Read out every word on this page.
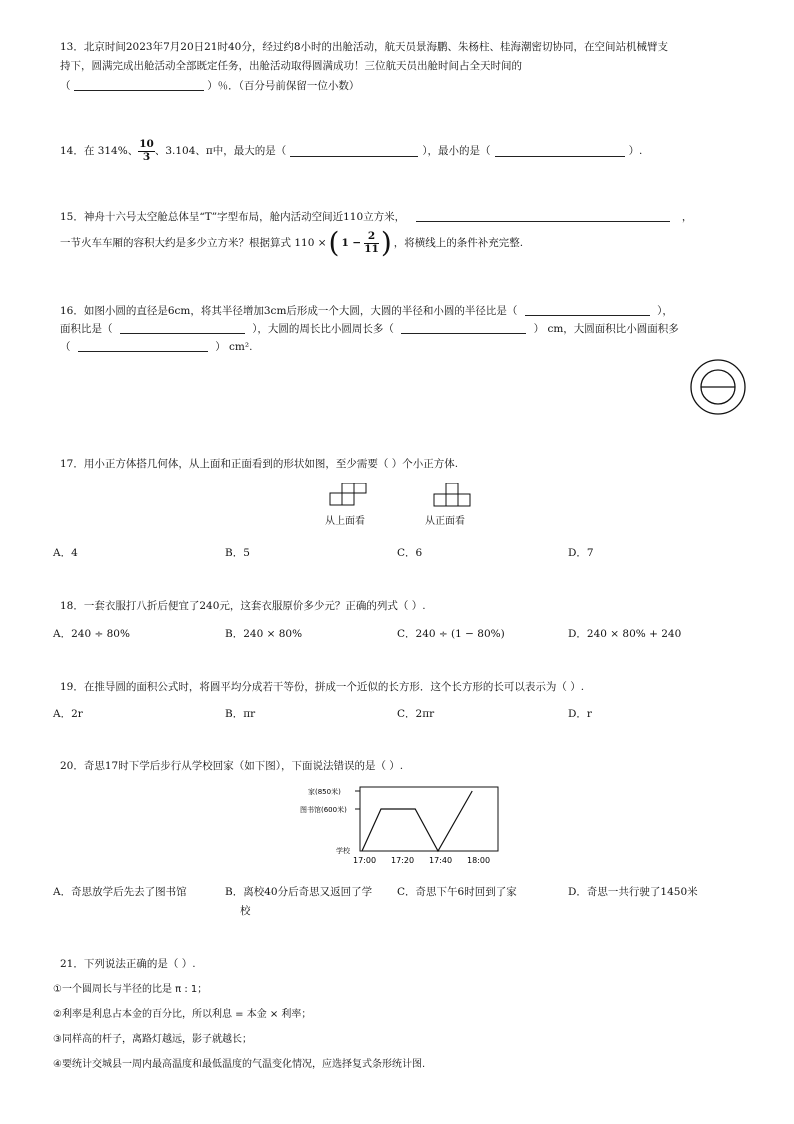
13．北京时间2023年7月20日21时40分，经过约8小时的出舱活动，航天员景海鹏、朱杨柱、桂海潮密切协同，在空间站机械臂支
持下，圆满完成出舱活动全部既定任务，出舱活动取得圆满成功！三位航天员出舱时间占全天时间的
（	）％．（百分号前保留一位小数）
14．在 314%、 $\frac{10}{3}$ 、3.104、π中，最大的是（	），最小的是（	）.
15．神舟十六号太空舱总体呈“T”字型布局，舱内活动空间近110立方米，	，
一节火车车厢的容积大约是多少立方米？根据算式 110 × ( $1 - \frac{2}{11}$ ) ，将横线上的条件补充完整.
16．如图小圆的直径是6cm，将其半径增加3cm后形成一个大圆，大圆的半径和小圆的半径比是（	），
面积比是（	），大圆的周长比小圆周长多（	） cm，大圆面积比小圆面积多
（	） cm².
17．用小正方体搭几何体，从上面和正面看到的形状如图，至少需要（ ）个小正方体.
从上面看	从正面看
A．4	B．5	C．6	D．7
18．一套衣服打八折后便宜了240元，这套衣服原价多少元？正确的列式（ ）.
A．240 ÷ 80%	B．240 × 80%	C．240 ÷ (1 − 80%)	D．240 × 80% + 240
19．在推导圆的面积公式时，将圆平均分成若干等份，拼成一个近似的长方形．这个长方形的长可以表示为（ ）.
A．2r	B．πr	C．2πr	D．r
20．奇思17时下学后步行从学校回家（如下图），下面说法错误的是（ ）.
家(850米)
图书馆(600米)
学校
17:00 17:20 17:40 18:00
A．奇思放学后先去了图书馆	B．离校40分后奇思又返回了学
校
C．奇思下午6时回到了家	D．奇思一共行驶了1450米
21．下列说法正确的是（ ）.
①一个圆周长与半径的比是 π : 1；
②利率是利息占本金的百分比，所以利息 = 本金 × 利率；
③同样高的杆子，离路灯越远，影子就越长；
④要统计交城县一周内最高温度和最低温度的气温变化情况，应选择复式条形统计图.
